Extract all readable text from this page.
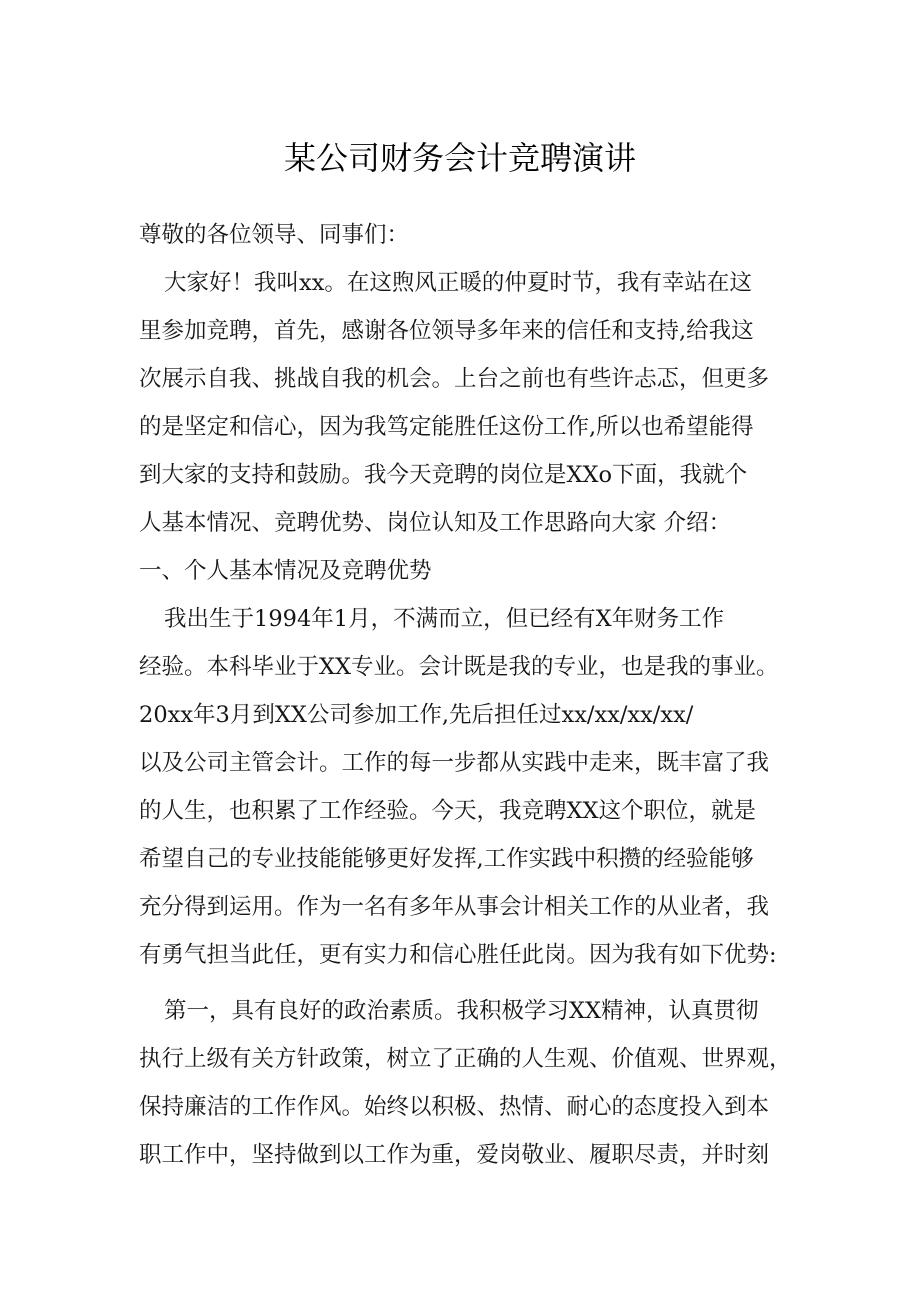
某公司财务会计竞聘演讲
尊敬的各位领导、同事们：
大家好！我叫xx。在这煦风正暖的仲夏时节，我有幸站在这
里参加竞聘，首先，感谢各位领导多年来的信任和支持,给我这
次展示自我、挑战自我的机会。上台之前也有些许忐忑，但更多
的是坚定和信心，因为我笃定能胜任这份工作,所以也希望能得
到大家的支持和鼓励。我今天竞聘的岗位是XXo下面，我就个
人基本情况、竞聘优势、岗位认知及工作思路向大家 介绍：
一、个人基本情况及竞聘优势
我出生于1994年1月，不满而立，但已经有X年财务工作
经验。本科毕业于XX专业。会计既是我的专业，也是我的事业。
20xx年3月到XX公司参加工作,先后担任过xx/xx/xx/xx/
以及公司主管会计。工作的每一步都从实践中走来，既丰富了我
的人生，也积累了工作经验。今天，我竞聘XX这个职位，就是
希望自己的专业技能能够更好发挥,工作实践中积攒的经验能够
充分得到运用。作为一名有多年从事会计相关工作的从业者，我
有勇气担当此任，更有实力和信心胜任此岗。因为我有如下优势:
第一，具有良好的政治素质。我积极学习XX精神，认真贯彻
执行上级有关方针政策，树立了正确的人生观、价值观、世界观，
保持廉洁的工作作风。始终以积极、热情、耐心的态度投入到本
职工作中，坚持做到以工作为重，爱岗敬业、履职尽责，并时刻
